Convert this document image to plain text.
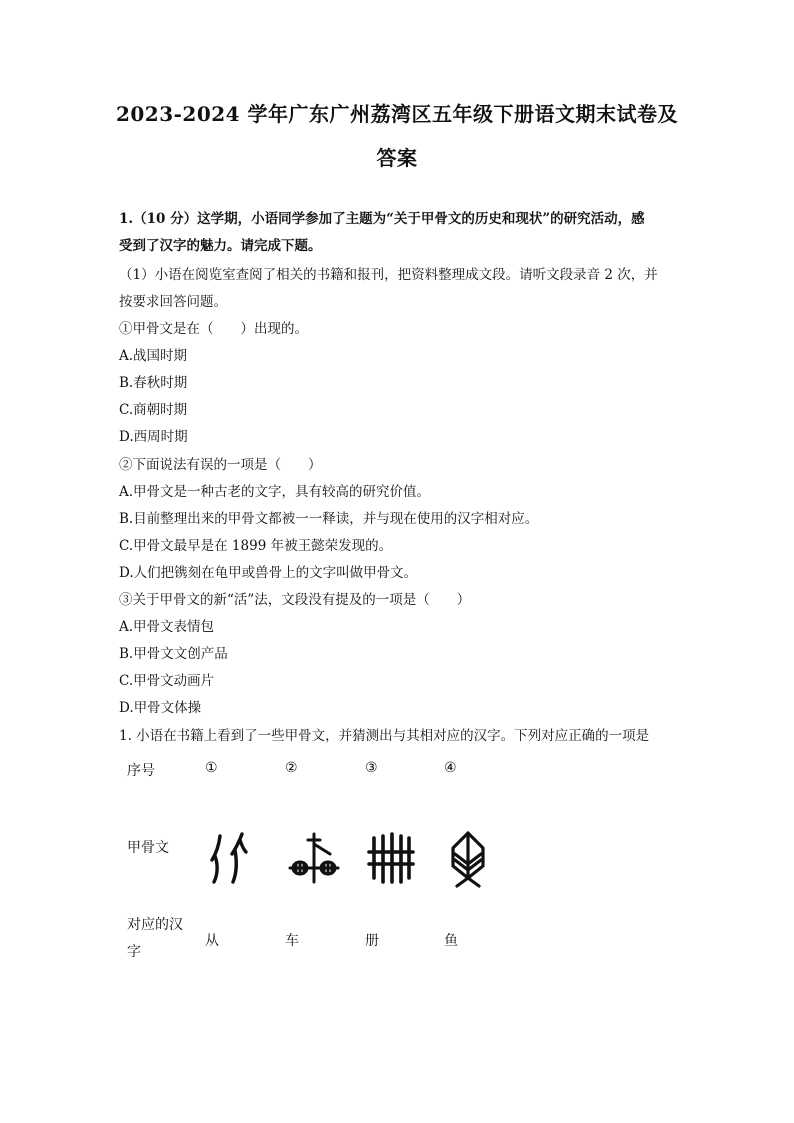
2023-2024 学年广东广州荔湾区五年级下册语文期末试卷及
答案
1.（10 分）这学期，小语同学参加了主题为“关于甲骨文的历史和现状”的研究活动，感
受到了汉字的魅力。请完成下题。
（1）小语在阅览室查阅了相关的书籍和报刊，把资料整理成文段。请听文段录音 2 次，并
按要求回答问题。
①甲骨文是在（　　）出现的。
A.战国时期
B.春秋时期
C.商朝时期
D.西周时期
②下面说法有误的一项是（　　）
A.甲骨文是一种古老的文字，具有较高的研究价值。
B.目前整理出来的甲骨文都被一一释读，并与现在使用的汉字相对应。
C.甲骨文最早是在 1899 年被王懿荣发现的。
D.人们把镌刻在龟甲或兽骨上的文字叫做甲骨文。
③关于甲骨文的新“活”法，文段没有提及的一项是（　　）
A.甲骨文表情包
B.甲骨文文创产品
C.甲骨文动画片
D.甲骨文体操
1. 小语在书籍上看到了一些甲骨文，并猜测出与其相对应的汉字。下列对应正确的一项是
序号	①	②	③	④
甲骨文
对应的汉
字
从	车	册	鱼
